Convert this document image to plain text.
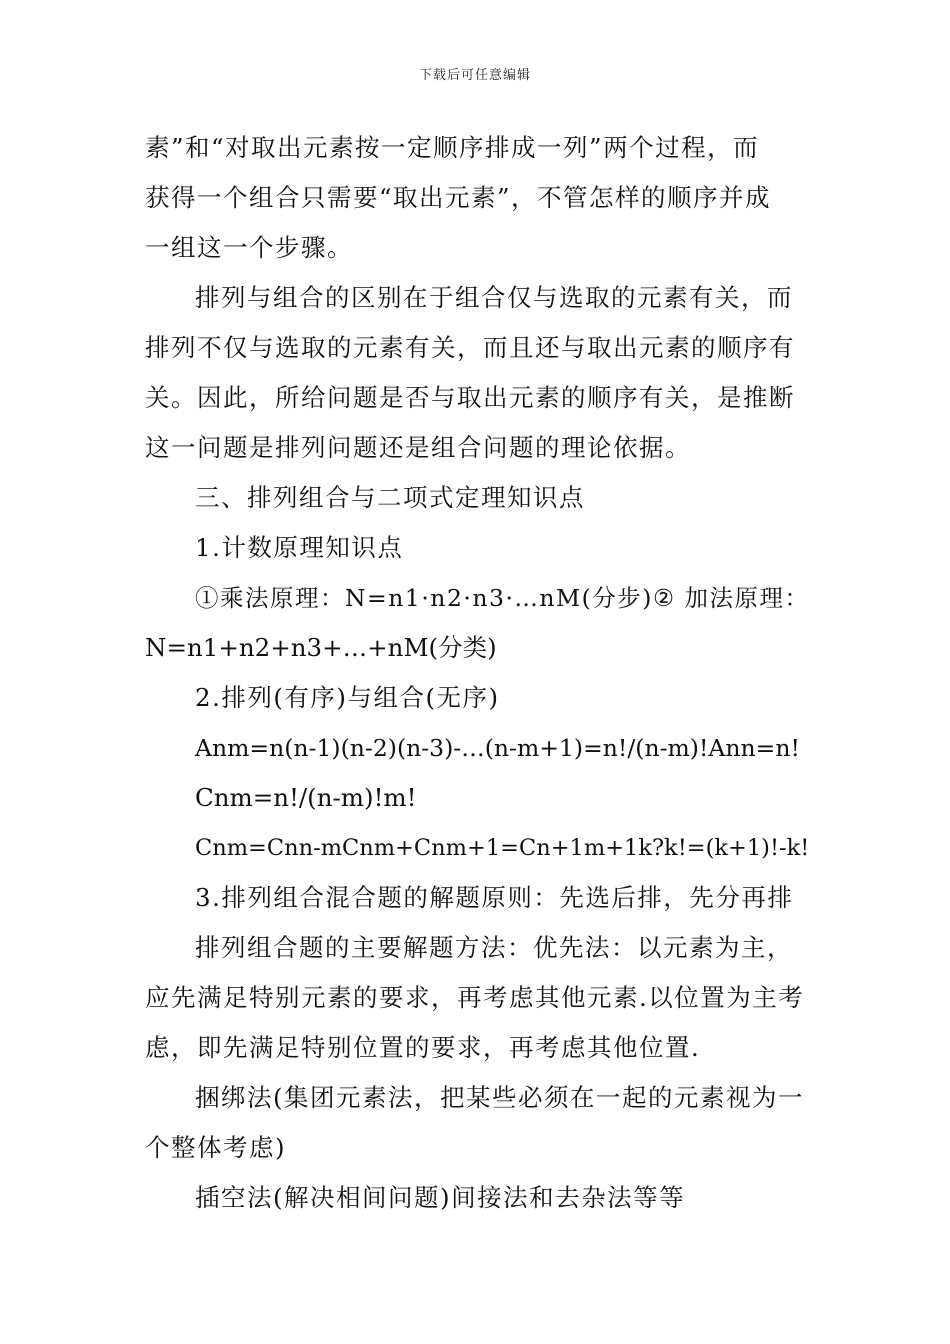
下载后可任意编辑
素”和“对取出元素按一定顺序排成一列”两个过程，而
获得一个组合只需要“取出元素”，不管怎样的顺序并成
一组这一个步骤。
排列与组合的区别在于组合仅与选取的元素有关，而
排列不仅与选取的元素有关，而且还与取出元素的顺序有
关。因此，所给问题是否与取出元素的顺序有关，是推断
这一问题是排列问题还是组合问题的理论依据。
三、排列组合与二项式定理知识点
1.计数原理知识点
①乘法原理：N=n1·n2·n3·…nM(分步)② 加法原理：
N=n1+n2+n3+…+nM(分类)
2.排列(有序)与组合(无序)
Anm=n(n-1)(n-2)(n-3)-…(n-m+1)=n!/(n-m)!Ann=n!
Cnm=n!/(n-m)!m!
Cnm=Cnn-mCnm+Cnm+1=Cn+1m+1k?k!=(k+1)!-k!
3.排列组合混合题的解题原则：先选后排，先分再排
排列组合题的主要解题方法：优先法：以元素为主，
应先满足特别元素的要求，再考虑其他元素.以位置为主考
虑，即先满足特别位置的要求，再考虑其他位置.
捆绑法(集团元素法，把某些必须在一起的元素视为一
个整体考虑)
插空法(解决相间问题)间接法和去杂法等等
